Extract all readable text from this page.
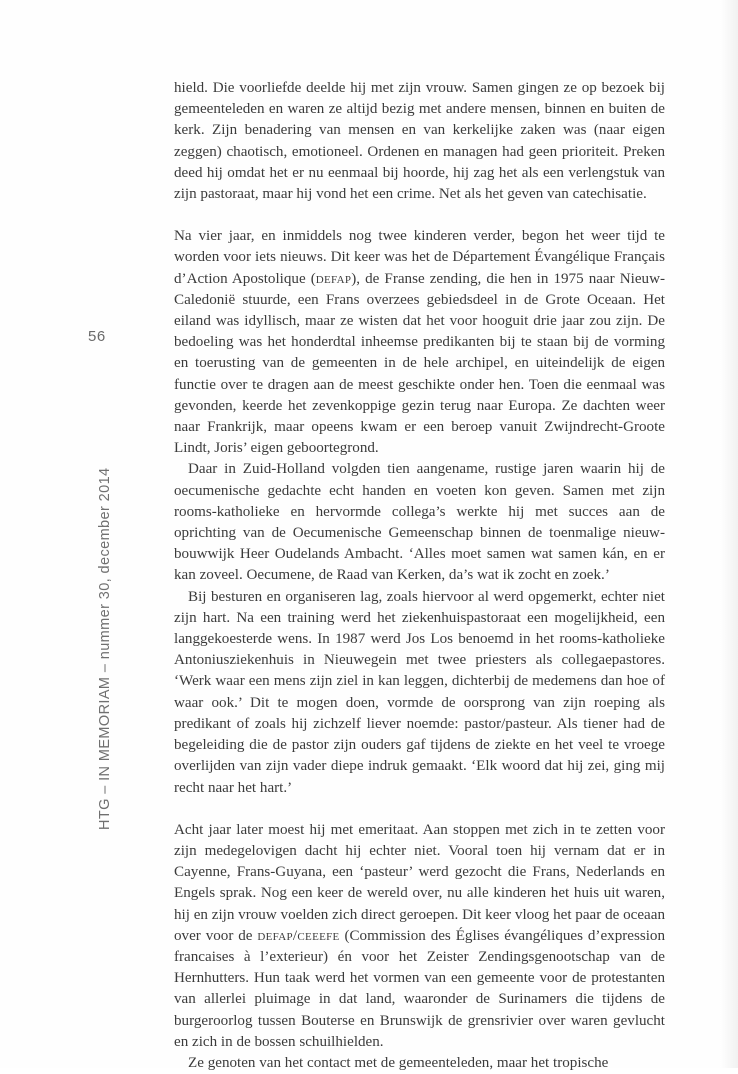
56
HTG – IN MEMORIAM – nummer 30, december 2014

hield. Die voorliefde deelde hij met zijn vrouw. Samen gingen ze op bezoek bij gemeenteleden en waren ze altijd bezig met andere mensen, binnen en buiten de kerk. Zijn benadering van mensen en van kerkelijke zaken was (naar eigen zeggen) chaotisch, emotioneel. Ordenen en managen had geen prioriteit. Preken deed hij omdat het er nu eenmaal bij hoorde, hij zag het als een verlengstuk van zijn pastoraat, maar hij vond het een crime. Net als het geven van catechisatie.

Na vier jaar, en inmiddels nog twee kinderen verder, begon het weer tijd te worden voor iets nieuws. Dit keer was het de Département Évangélique Français d’Action Apostolique (defap), de Franse zending, die hen in 1975 naar Nieuw-Caledonië stuurde, een Frans overzees gebiedsdeel in de Grote Oceaan. Het eiland was idyllisch, maar ze wisten dat het voor hooguit drie jaar zou zijn. De bedoeling was het honderdtal inheemse predikanten bij te staan bij de vorming en toerusting van de gemeenten in de hele archipel, en uiteindelijk de eigen functie over te dragen aan de meest geschikte onder hen. Toen die eenmaal was gevonden, keerde het zevenkoppige gezin terug naar Europa. Ze dachten weer naar Frankrijk, maar opeens kwam er een beroep vanuit Zwijndrecht-Groote Lindt, Joris’ eigen geboortegrond.

Daar in Zuid-Holland volgden tien aangename, rustige jaren waarin hij de oecumenische gedachte echt handen en voeten kon geven. Samen met zijn rooms-katholieke en hervormde collega’s werkte hij met succes aan de oprichting van de Oecumenische Gemeenschap binnen de toenmalige nieuwbouwwijk Heer Oudelands Ambacht. ‘Alles moet samen wat samen kán, en er kan zoveel. Oecumene, de Raad van Kerken, da’s wat ik zocht en zoek.’

Bij besturen en organiseren lag, zoals hiervoor al werd opgemerkt, echter niet zijn hart. Na een training werd het ziekenhuispastoraat een mogelijkheid, een langgekoesterde wens. In 1987 werd Jos Los benoemd in het rooms-katholieke Antoniusziekenhuis in Nieuwegein met twee priesters als collegaepastores. ‘Werk waar een mens zijn ziel in kan leggen, dichterbij de medemens dan hoe of waar ook.’ Dit te mogen doen, vormde de oorsprong van zijn roeping als predikant of zoals hij zichzelf liever noemde: pastor/pasteur. Als tiener had de begeleiding die de pastor zijn ouders gaf tijdens de ziekte en het veel te vroege overlijden van zijn vader diepe indruk gemaakt. ‘Elk woord dat hij zei, ging mij recht naar het hart.’

Acht jaar later moest hij met emeritaat. Aan stoppen met zich in te zetten voor zijn medegelovigen dacht hij echter niet. Vooral toen hij vernam dat er in Cayenne, Frans-Guyana, een ‘pasteur’ werd gezocht die Frans, Nederlands en Engels sprak. Nog een keer de wereld over, nu alle kinderen het huis uit waren, hij en zijn vrouw voelden zich direct geroepen. Dit keer vloog het paar de oceaan over voor de defap/ceeefe (Commission des Églises évangéliques d’expression francaises à l’exterieur) én voor het Zeister Zendingsgenootschap van de Hernhutters. Hun taak werd het vormen van een gemeente voor de protestanten van allerlei pluimage in dat land, waaronder de Surinamers die tijdens de burgeroorlog tussen Bouterse en Brunswijk de grensrivier over waren gevlucht en zich in de bossen schuilhielden.

Ze genoten van het contact met de gemeenteleden, maar het tropische
